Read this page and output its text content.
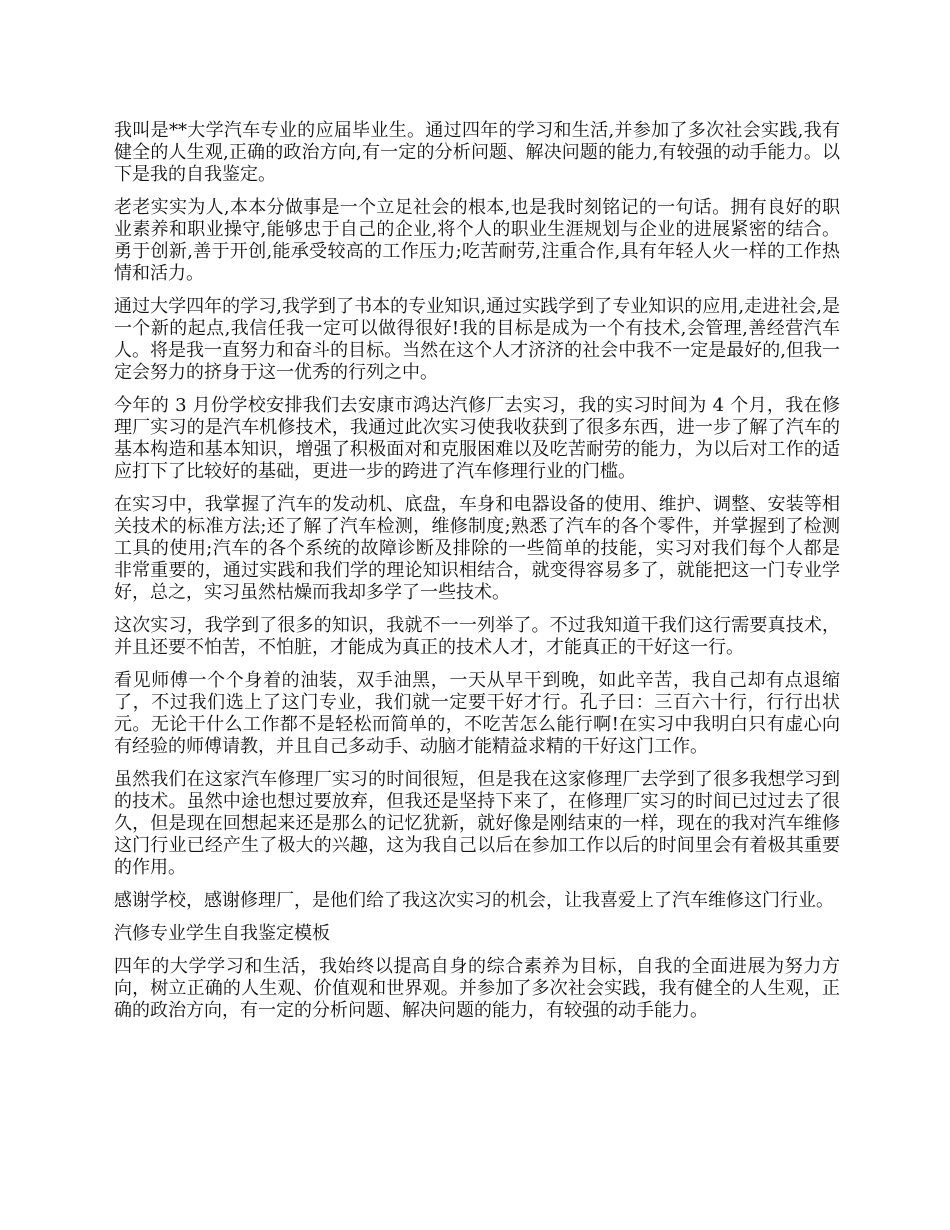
我叫是**大学汽车专业的应届毕业生。通过四年的学习和生活,并参加了多次社会实践,我有健全的人生观,正确的政治方向,有一定的分析问题、解决问题的能力,有较强的动手能力。以下是我的自我鉴定。

老老实实为人,本本分做事是一个立足社会的根本,也是我时刻铭记的一句话。拥有良好的职业素养和职业操守,能够忠于自己的企业,将个人的职业生涯规划与企业的进展紧密的结合。勇于创新,善于开创,能承受较高的工作压力;吃苦耐劳,注重合作,具有年轻人火一样的工作热情和活力。

通过大学四年的学习,我学到了书本的专业知识,通过实践学到了专业知识的应用,走进社会,是一个新的起点,我信任我一定可以做得很好!我的目标是成为一个有技术,会管理,善经营汽车人。将是我一直努力和奋斗的目标。当然在这个人才济济的社会中我不一定是最好的,但我一定会努力的挤身于这一优秀的行列之中。

今年的 3 月份学校安排我们去安康市鸿达汽修厂去实习，我的实习时间为 4 个月，我在修理厂实习的是汽车机修技术，我通过此次实习使我收获到了很多东西，进一步了解了汽车的基本构造和基本知识，增强了积极面对和克服困难以及吃苦耐劳的能力，为以后对工作的适应打下了比较好的基础，更进一步的跨进了汽车修理行业的门槛。

在实习中，我掌握了汽车的发动机、底盘，车身和电器设备的使用、维护、调整、安装等相关技术的标准方法;还了解了汽车检测，维修制度;熟悉了汽车的各个零件，并掌握到了检测工具的使用;汽车的各个系统的故障诊断及排除的一些简单的技能，实习对我们每个人都是非常重要的，通过实践和我们学的理论知识相结合，就变得容易多了，就能把这一门专业学好，总之，实习虽然枯燥而我却多学了一些技术。

这次实习，我学到了很多的知识，我就不一一列举了。不过我知道干我们这行需要真技术，并且还要不怕苦，不怕脏，才能成为真正的技术人才，才能真正的干好这一行。

看见师傅一个个身着的油装，双手油黑，一天从早干到晚，如此辛苦，我自己却有点退缩了，不过我们选上了这门专业，我们就一定要干好才行。孔子曰：三百六十行，行行出状元。无论干什么工作都不是轻松而简单的，不吃苦怎么能行啊!在实习中我明白只有虚心向有经验的师傅请教，并且自己多动手、动脑才能精益求精的干好这门工作。

虽然我们在这家汽车修理厂实习的时间很短，但是我在这家修理厂去学到了很多我想学习到的技术。虽然中途也想过要放弃，但我还是坚持下来了，在修理厂实习的时间已过过去了很久，但是现在回想起来还是那么的记忆犹新，就好像是刚结束的一样，现在的我对汽车维修这门行业已经产生了极大的兴趣，这为我自己以后在参加工作以后的时间里会有着极其重要的作用。

感谢学校，感谢修理厂，是他们给了我这次实习的机会，让我喜爱上了汽车维修这门行业。

汽修专业学生自我鉴定模板

四年的大学学习和生活，我始终以提高自身的综合素养为目标，自我的全面进展为努力方向，树立正确的人生观、价值观和世界观。并参加了多次社会实践，我有健全的人生观，正确的政治方向，有一定的分析问题、解决问题的能力，有较强的动手能力。
